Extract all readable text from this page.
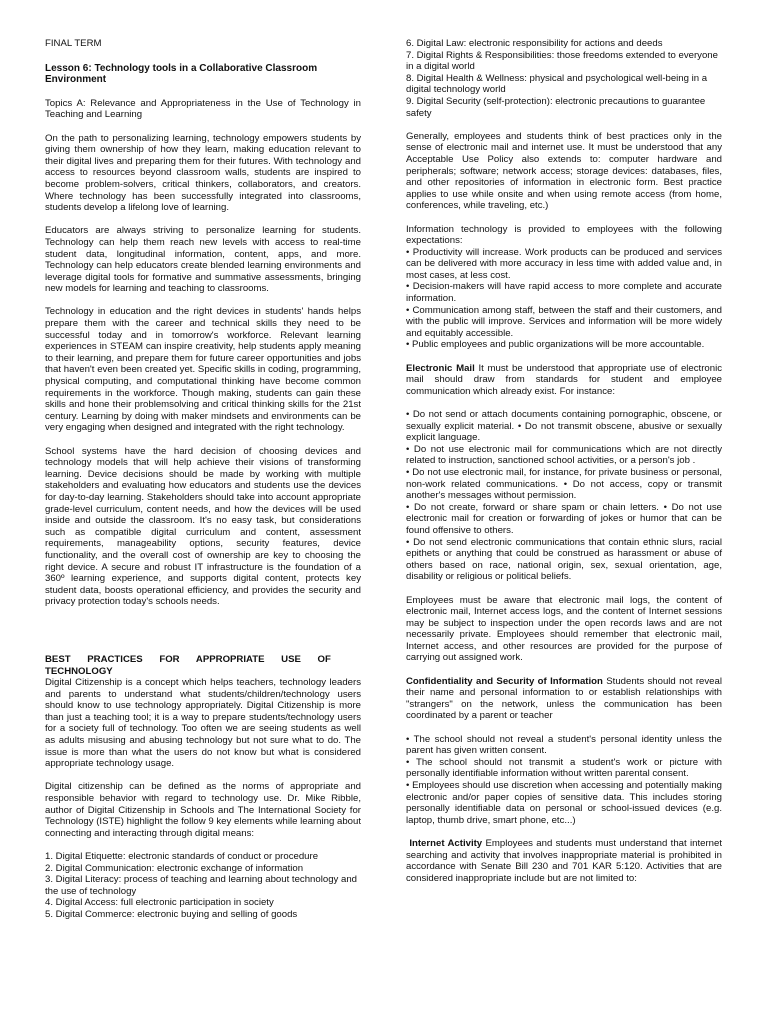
FINAL TERM

Lesson 6: Technology tools in a Collaborative Classroom Environment

Topics A: Relevance and Appropriateness in the Use of Technology in Teaching and Learning

On the path to personalizing learning, technology empowers students by giving them ownership of how they learn, making education relevant to their digital lives and preparing them for their futures. With technology and access to resources beyond classroom walls, students are inspired to become problem-solvers, critical thinkers, collaborators, and creators. Where technology has been successfully integrated into classrooms, students develop a lifelong love of learning.

Educators are always striving to personalize learning for students. Technology can help them reach new levels with access to real-time student data, longitudinal information, content, apps, and more. Technology can help educators create blended learning environments and leverage digital tools for formative and summative assessments, bringing new models for learning and teaching to classrooms.

Technology in education and the right devices in students' hands helps prepare them with the career and technical skills they need to be successful today and in tomorrow's workforce. Relevant learning experiences in STEAM can inspire creativity, help students apply meaning to their learning, and prepare them for future career opportunities and jobs that haven't even been created yet. Specific skills in coding, programming, physical computing, and computational thinking have become common requirements in the workforce. Though making, students can gain these skills and hone their problemsolving and critical thinking skills for the 21st century. Learning by doing with maker mindsets and environments can be very engaging when designed and integrated with the right technology.

School systems have the hard decision of choosing devices and technology models that will help achieve their visions of transforming learning. Device decisions should be made by working with multiple stakeholders and evaluating how educators and students use the devices for day-to-day learning. Stakeholders should take into account appropriate grade-level curriculum, content needs, and how the devices will be used inside and outside the classroom. It's no easy task, but considerations such as compatible digital curriculum and content, assessment requirements, manageability options, security features, device functionality, and the overall cost of ownership are key to choosing the right device. A secure and robust IT infrastructure is the foundation of a 360º learning experience, and supports digital content, protects key student data, boosts operational efficiency, and provides the security and privacy protection today's schools needs.

BEST PRACTICES FOR APPROPRIATE USE OF TECHNOLOGY

Digital Citizenship is a concept which helps teachers, technology leaders and parents to understand what students/children/technology users should know to use technology appropriately. Digital Citizenship is more than just a teaching tool; it is a way to prepare students/technology users for a society full of technology. Too often we are seeing students as well as adults misusing and abusing technology but not sure what to do. The issue is more than what the users do not know but what is considered appropriate technology usage.

Digital citizenship can be defined as the norms of appropriate and responsible behavior with regard to technology use. Dr. Mike Ribble, author of Digital Citizenship in Schools and The International Society for Technology (ISTE) highlight the follow 9 key elements while learning about connecting and interacting through digital means:

1. Digital Etiquette: electronic standards of conduct or procedure
2. Digital Communication: electronic exchange of information
3. Digital Literacy: process of teaching and learning about technology and the use of technology
4. Digital Access: full electronic participation in society
5. Digital Commerce: electronic buying and selling of goods
6. Digital Law: electronic responsibility for actions and deeds
7. Digital Rights & Responsibilities: those freedoms extended to everyone in a digital world
8. Digital Health & Wellness: physical and psychological well-being in a digital technology world
9. Digital Security (self-protection): electronic precautions to guarantee safety

Generally, employees and students think of best practices only in the sense of electronic mail and internet use. It must be understood that any Acceptable Use Policy also extends to: computer hardware and peripherals; software; network access; storage devices: databases, files, and other repositories of information in electronic form. Best practice applies to use while onsite and when using remote access (from home, conferences, while traveling, etc.)

Information technology is provided to employees with the following expectations:

• Productivity will increase. Work products can be produced and services can be delivered with more accuracy in less time with added value and, in most cases, at less cost.

• Decision-makers will have rapid access to more complete and accurate information.

• Communication among staff, between the staff and their customers, and with the public will improve. Services and information will be more widely and equitably accessible.

• Public employees and public organizations will be more accountable.

Electronic Mail It must be understood that appropriate use of electronic mail should draw from standards for student and employee communication which already exist. For instance:

• Do not send or attach documents containing pornographic, obscene, or sexually explicit material. • Do not transmit obscene, abusive or sexually explicit language.

• Do not use electronic mail for communications which are not directly related to instruction, sanctioned school activities, or a person's job .

• Do not use electronic mail, for instance, for private business or personal, non-work related communications. • Do not access, copy or transmit another's messages without permission.

• Do not create, forward or share spam or chain letters. • Do not use electronic mail for creation or forwarding of jokes or humor that can be found offensive to others.

• Do not send electronic communications that contain ethnic slurs, racial epithets or anything that could be construed as harassment or abuse of others based on race, national origin, sex, sexual orientation, age, disability or religious or political beliefs.

Employees must be aware that electronic mail logs, the content of electronic mail, Internet access logs, and the content of Internet sessions may be subject to inspection under the open records laws and are not necessarily private. Employees should remember that electronic mail, Internet access, and other resources are provided for the purpose of carrying out assigned work.

Confidentiality and Security of Information Students should not reveal their name and personal information to or establish relationships with "strangers" on the network, unless the communication has been coordinated by a parent or teacher

• The school should not reveal a student's personal identity unless the parent has given written consent.

• The school should not transmit a student's work or picture with personally identifiable information without written parental consent.

• Employees should use discretion when accessing and potentially making electronic and/or paper copies of sensitive data. This includes storing personally identifiable data on personal or school-issued devices (e.g. laptop, thumb drive, smart phone, etc...)

Internet Activity Employees and students must understand that internet searching and activity that involves inappropriate material is prohibited in accordance with Senate Bill 230 and 701 KAR 5:120. Activities that are considered inappropriate include but are not limited to:
